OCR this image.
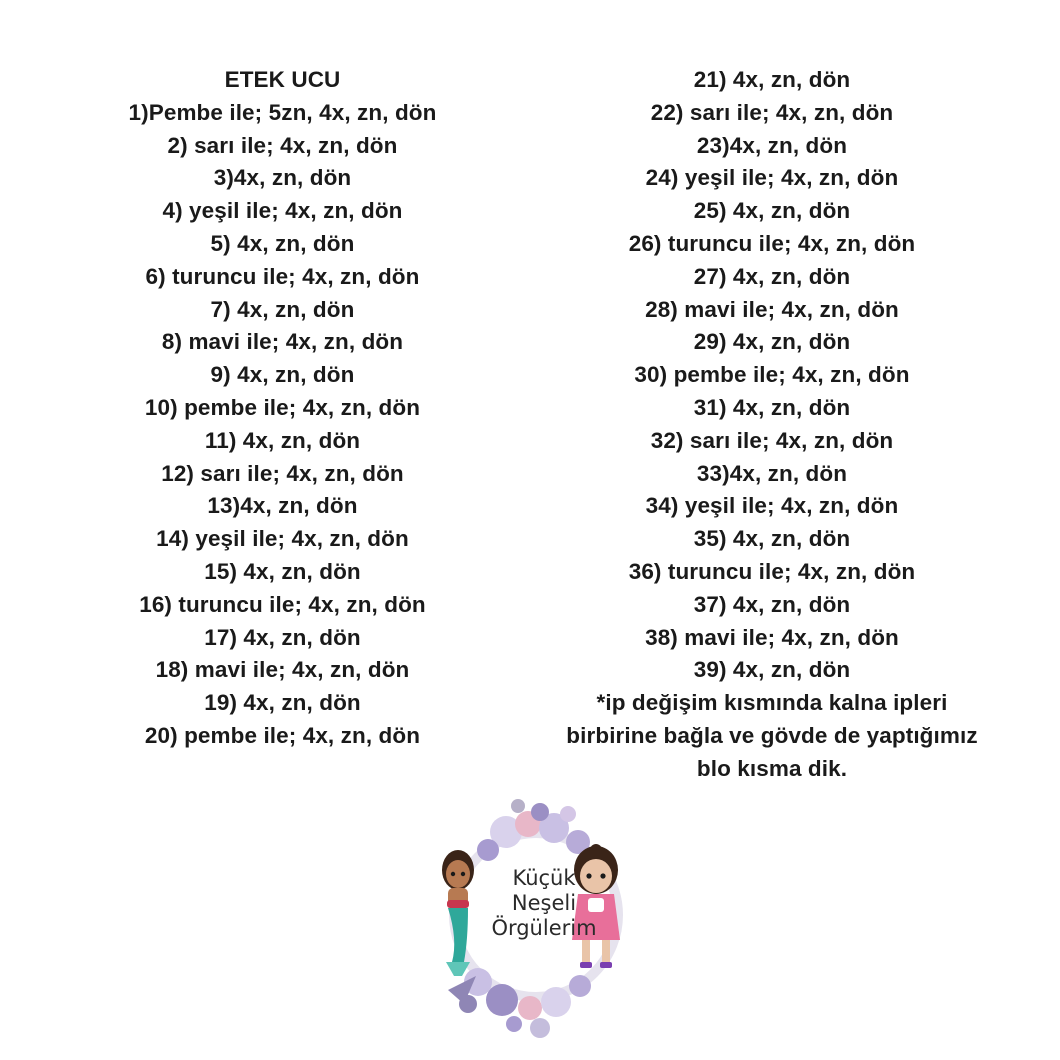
ETEK UCU
1)Pembe ile; 5zn, 4x, zn, dön
2) sarı ile; 4x, zn, dön
3)4x, zn, dön
4) yeşil ile; 4x, zn, dön
5) 4x, zn, dön
6) turuncu ile; 4x, zn, dön
7) 4x, zn, dön
8) mavi ile; 4x, zn, dön
9) 4x, zn, dön
10) pembe ile; 4x, zn, dön
11) 4x, zn, dön
12) sarı ile; 4x, zn, dön
13)4x, zn, dön
14) yeşil ile; 4x, zn, dön
15) 4x, zn, dön
16) turuncu ile; 4x, zn, dön
17) 4x, zn, dön
18) mavi ile; 4x, zn, dön
19) 4x, zn, dön
20) pembe ile; 4x, zn, dön
21) 4x, zn, dön
22) sarı ile; 4x, zn, dön
23)4x, zn, dön
24) yeşil ile; 4x, zn, dön
25) 4x, zn, dön
26) turuncu ile; 4x, zn, dön
27) 4x, zn, dön
28) mavi ile; 4x, zn, dön
29) 4x, zn, dön
30) pembe ile; 4x, zn, dön
31) 4x, zn, dön
32) sarı ile; 4x, zn, dön
33)4x, zn, dön
34) yeşil ile; 4x, zn, dön
35) 4x, zn, dön
36) turuncu ile; 4x, zn, dön
37) 4x, zn, dön
38) mavi ile; 4x, zn, dön
39) 4x, zn, dön
*ip değişim kısmında kalna ipleri
birbirine bağla ve gövde de yaptığımız
blo kısma dik.
Küçük
Neşeli
Örgülerim
